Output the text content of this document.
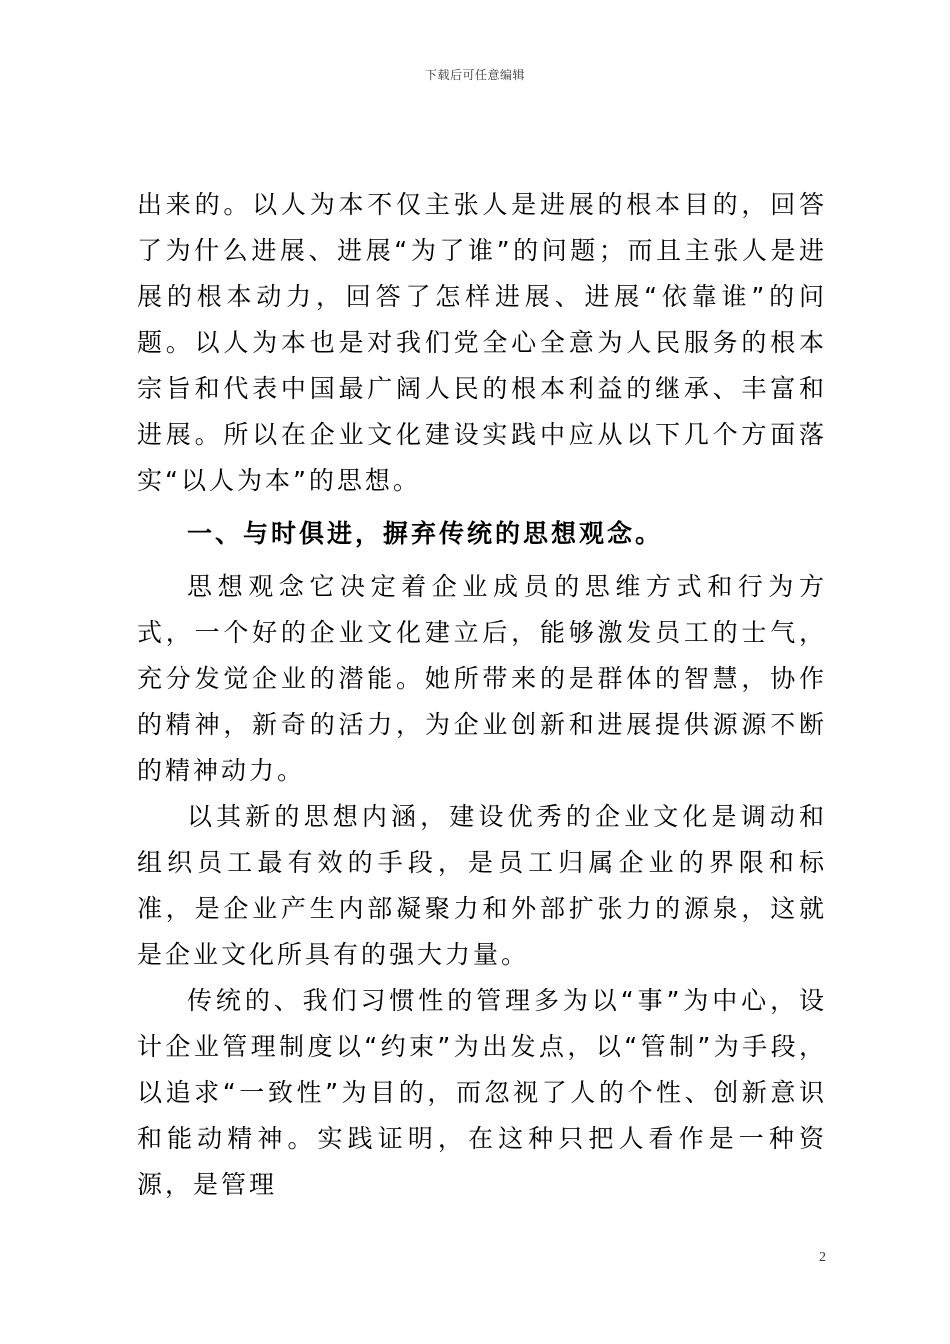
下载后可任意编辑

出来的。以人为本不仅主张人是进展的根本目的，回答了为什么进展、进展“为了谁”的问题；而且主张人是进展的根本动力，回答了怎样进展、进展“依靠谁”的问题。以人为本也是对我们党全心全意为人民服务的根本宗旨和代表中国最广阔人民的根本利益的继承、丰富和进展。所以在企业文化建设实践中应从以下几个方面落实“以人为本”的思想。

一、与时俱进，摒弃传统的思想观念。

思想观念它决定着企业成员的思维方式和行为方式，一个好的企业文化建立后，能够激发员工的士气，充分发觉企业的潜能。她所带来的是群体的智慧，协作的精神，新奇的活力，为企业创新和进展提供源源不断的精神动力。

以其新的思想内涵，建设优秀的企业文化是调动和组织员工最有效的手段，是员工归属企业的界限和标准，是企业产生内部凝聚力和外部扩张力的源泉，这就是企业文化所具有的强大力量。

传统的、我们习惯性的管理多为以“事”为中心，设计企业管理制度以“约束”为出发点，以“管制”为手段，以追求“一致性”为目的，而忽视了人的个性、创新意识和能动精神。实践证明，在这种只把人看作是一种资源，是管理

2
